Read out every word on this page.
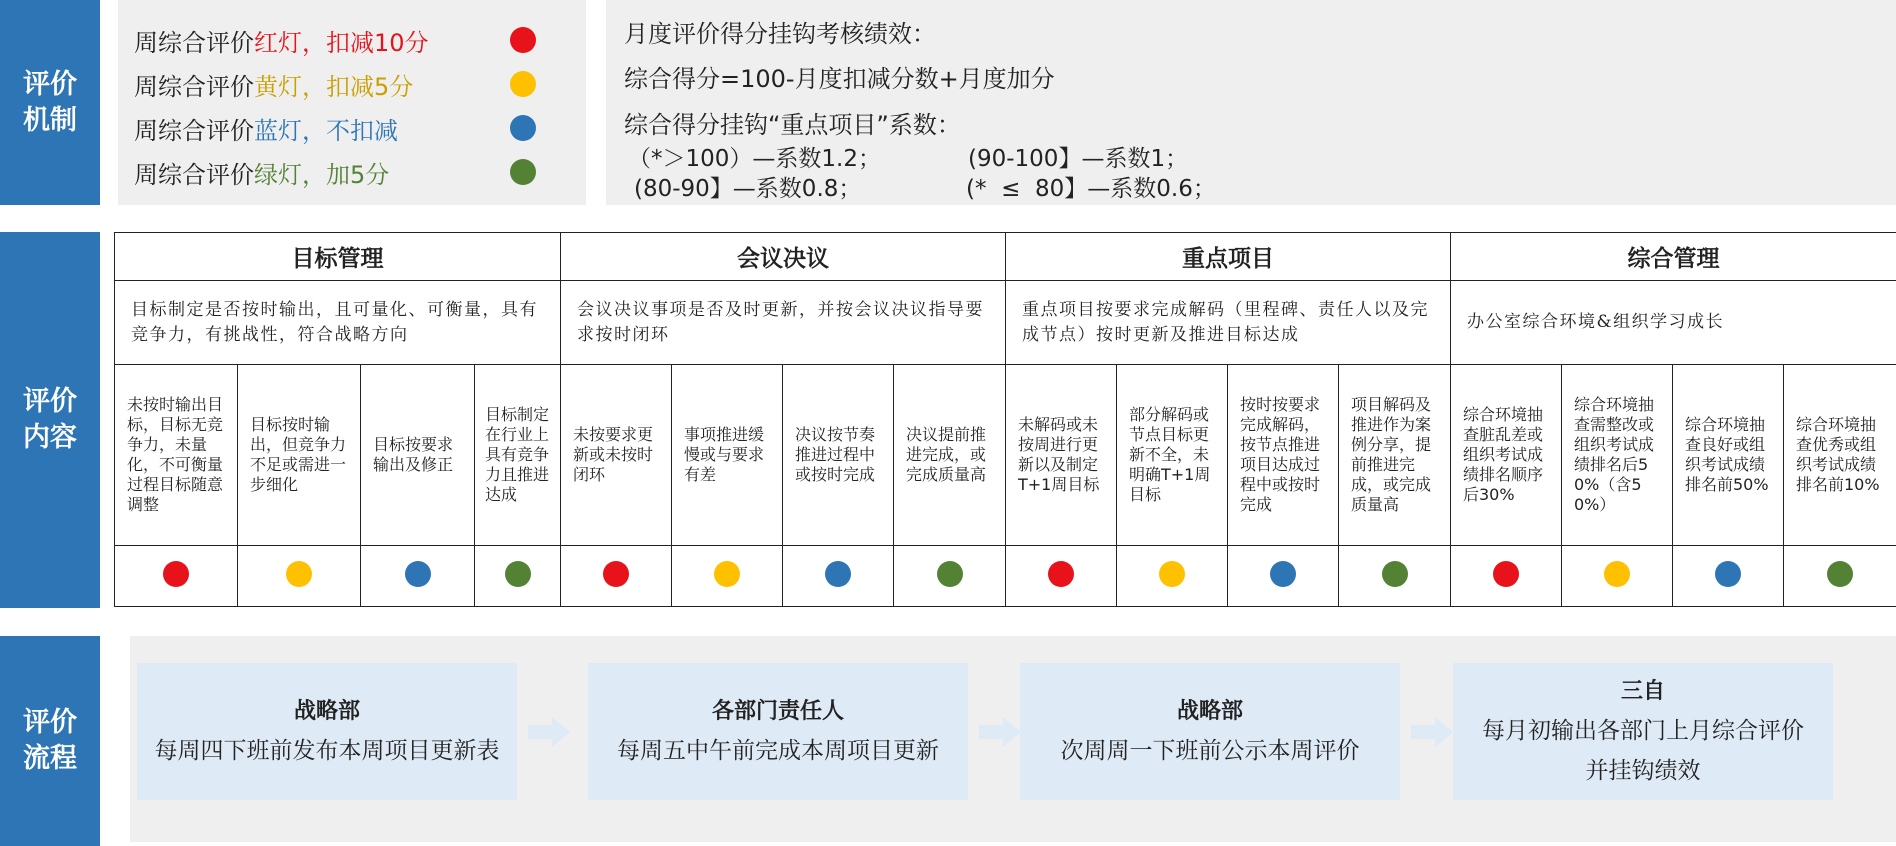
评价机制
评价内容
评价流程
周综合评价 红灯，扣减10分
周综合评价 黄灯，扣减5分
周综合评价 蓝灯，不扣减
周综合评价 绿灯，加5分
月度评价得分挂钩考核绩效：
综合得分=100-月度扣减分数+月度加分
综合得分挂钩“重点项目”系数：
（*＞100）—系数1.2；	(90-100】—系数1；
(80-90】—系数0.8；	(*  ≤  80】—系数0.6；
目标管理				会议决议				重点项目				综合管理			
目标制定是否按时输出，且可量化、可衡量，具有竞争力，有挑战性，符合战略方向				会议决议事项是否及时更新，并按会议决议指导要求按时闭环				重点项目按要求完成解码（里程碑、责任人以及完成节点）按时更新及推进目标达成				办公室综合环境&组织学习成长			
未按时输出目标，目标无竞争力，未量化，不可衡量过程目标随意调整	目标按时输出，但竞争力不足或需进一步细化	目标按要求输出及修正	目标制定在行业上具有竞争力且推进达成	未按要求更新或未按时闭环	事项推进缓慢或与要求有差	决议按节奏推进过程中或按时完成	决议提前推进完成，或完成质量高	未解码或未按周进行更新以及制定T+1周目标	部分解码或节点目标更新不全，未明确T+1周目标	按时按要求完成解码，按节点推进项目达成过程中或按时完成	项目解码及推进作为案例分享，提前推进完成，或完成质量高	综合环境抽查脏乱差或组织考试成绩排名顺序后30%	综合环境抽查需整改或组织考试成绩排名后50%（含50%）	综合环境抽查良好或组织考试成绩排名前50%	综合环境抽查优秀或组织考试成绩排名前10%

战略部
每周四下班前发布本周项目更新表
各部门责任人
每周五中午前完成本周项目更新
战略部
次周周一下班前公示本周评价
三自
每月初输出各部门上月综合评价
并挂钩绩效
